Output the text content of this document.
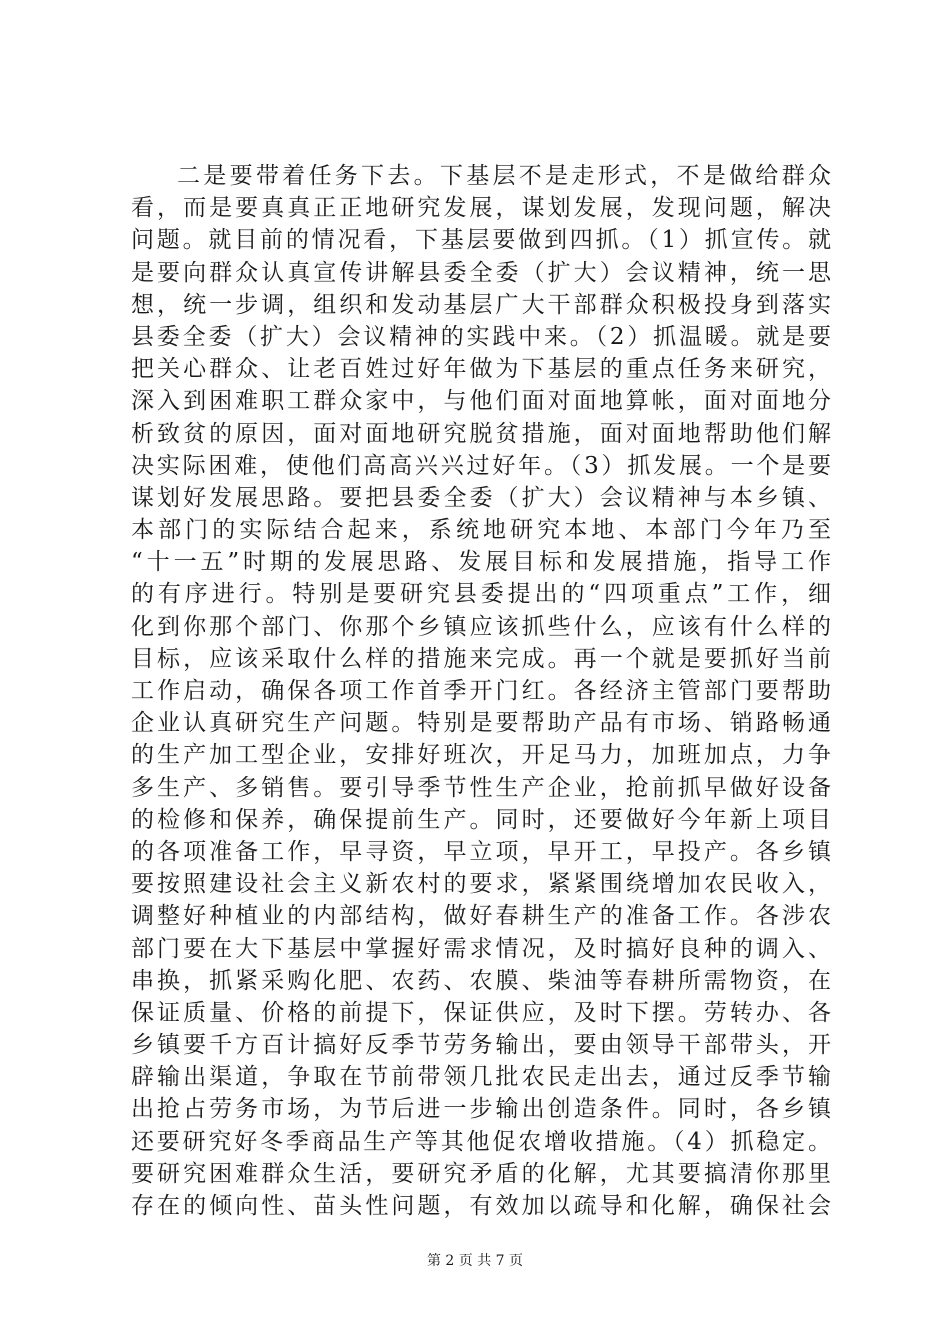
二是要带着任务下去。下基层不是走形式，不是做给群众
看，而是要真真正正地研究发展，谋划发展，发现问题，解决
问题。就目前的情况看，下基层要做到四抓。（1）抓宣传。就
是要向群众认真宣传讲解县委全委（扩大）会议精神，统一思
想，统一步调，组织和发动基层广大干部群众积极投身到落实
县委全委（扩大）会议精神的实践中来。（2）抓温暖。就是要
把关心群众、让老百姓过好年做为下基层的重点任务来研究，
深入到困难职工群众家中，与他们面对面地算帐，面对面地分
析致贫的原因，面对面地研究脱贫措施，面对面地帮助他们解
决实际困难，使他们高高兴兴过好年。（3）抓发展。一个是要
谋划好发展思路。要把县委全委（扩大）会议精神与本乡镇、
本部门的实际结合起来，系统地研究本地、本部门今年乃至
“十一五”时期的发展思路、发展目标和发展措施，指导工作
的有序进行。特别是要研究县委提出的“四项重点”工作，细
化到你那个部门、你那个乡镇应该抓些什么，应该有什么样的
目标，应该采取什么样的措施来完成。再一个就是要抓好当前
工作启动，确保各项工作首季开门红。各经济主管部门要帮助
企业认真研究生产问题。特别是要帮助产品有市场、销路畅通
的生产加工型企业，安排好班次，开足马力，加班加点，力争
多生产、多销售。要引导季节性生产企业，抢前抓早做好设备
的检修和保养，确保提前生产。同时，还要做好今年新上项目
的各项准备工作，早寻资，早立项，早开工，早投产。各乡镇
要按照建设社会主义新农村的要求，紧紧围绕增加农民收入，
调整好种植业的内部结构，做好春耕生产的准备工作。各涉农
部门要在大下基层中掌握好需求情况，及时搞好良种的调入、
串换，抓紧采购化肥、农药、农膜、柴油等春耕所需物资，在
保证质量、价格的前提下，保证供应，及时下摆。劳转办、各
乡镇要千方百计搞好反季节劳务输出，要由领导干部带头，开
辟输出渠道，争取在节前带领几批农民走出去，通过反季节输
出抢占劳务市场，为节后进一步输出创造条件。同时，各乡镇
还要研究好冬季商品生产等其他促农增收措施。（4）抓稳定。
要研究困难群众生活，要研究矛盾的化解，尤其要搞清你那里
存在的倾向性、苗头性问题，有效加以疏导和化解，确保社会
第 2 页 共 7 页
